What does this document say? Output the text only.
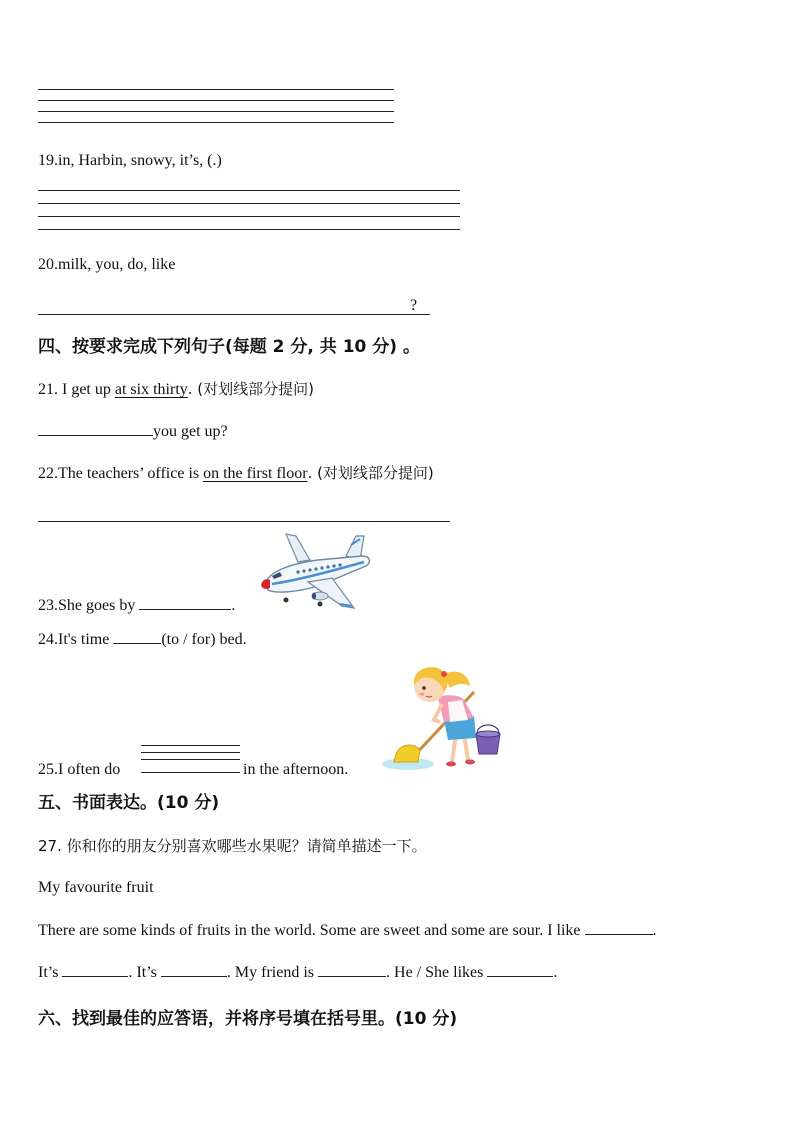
19.in, Harbin, snowy, it’s, (.)
20.milk, you, do, like
?
四、按要求完成下列句子(每题 2 分, 共 10 分) 。
21. I get up at six thirty. (对划线部分提问)
you get up?
22.The teachers’ office is on the first floor. (对划线部分提问)
23.She goes by	.
24.It's time	(to / for) bed.
25.I often do	in the afternoon.
五、书面表达。(10 分)
27. 你和你的朋友分别喜欢哪些水果呢？请简单描述一下。
My favourite fruit
There are some kinds of fruits in the world. Some are sweet and some are sour. I like	.
It’s	. It’s	. My friend is	. He / She likes	.
六、找到最佳的应答语，并将序号填在括号里。(10 分)
